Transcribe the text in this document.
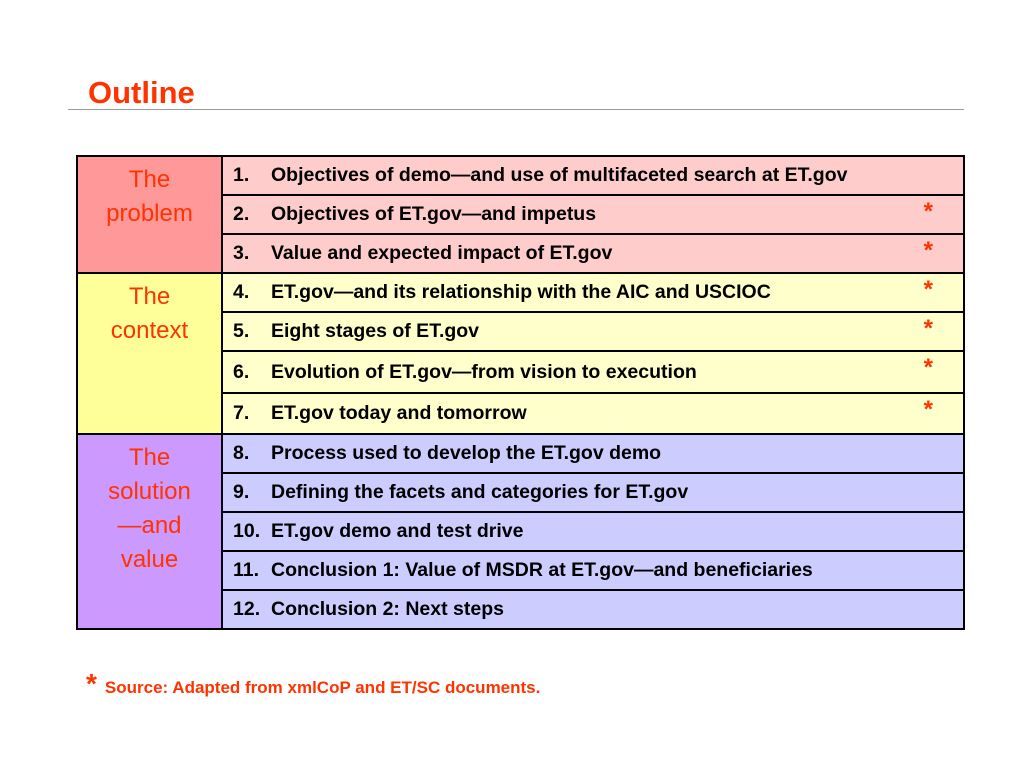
Outline
The
problem	1. Objectives of demo—and use of multifaceted search at ET.gov
	2. Objectives of ET.gov—and impetus *

	3. Value and expected impact of ET.gov *

The
context	4. ET.gov—and its relationship with the AIC and USCIOC *

	5. Eight stages of ET.gov *

	6. Evolution of ET.gov—from vision to execution *

	7. ET.gov today and tomorrow *

The
solution
—and
value	8. Process used to develop the ET.gov demo
	9. Defining the facets and categories for ET.gov
	10. ET.gov demo and test drive
	11. Conclusion 1: Value of MSDR at ET.gov—and beneficiaries
	12. Conclusion 2: Next steps
* Source: Adapted from xmlCoP and ET/SC documents.
